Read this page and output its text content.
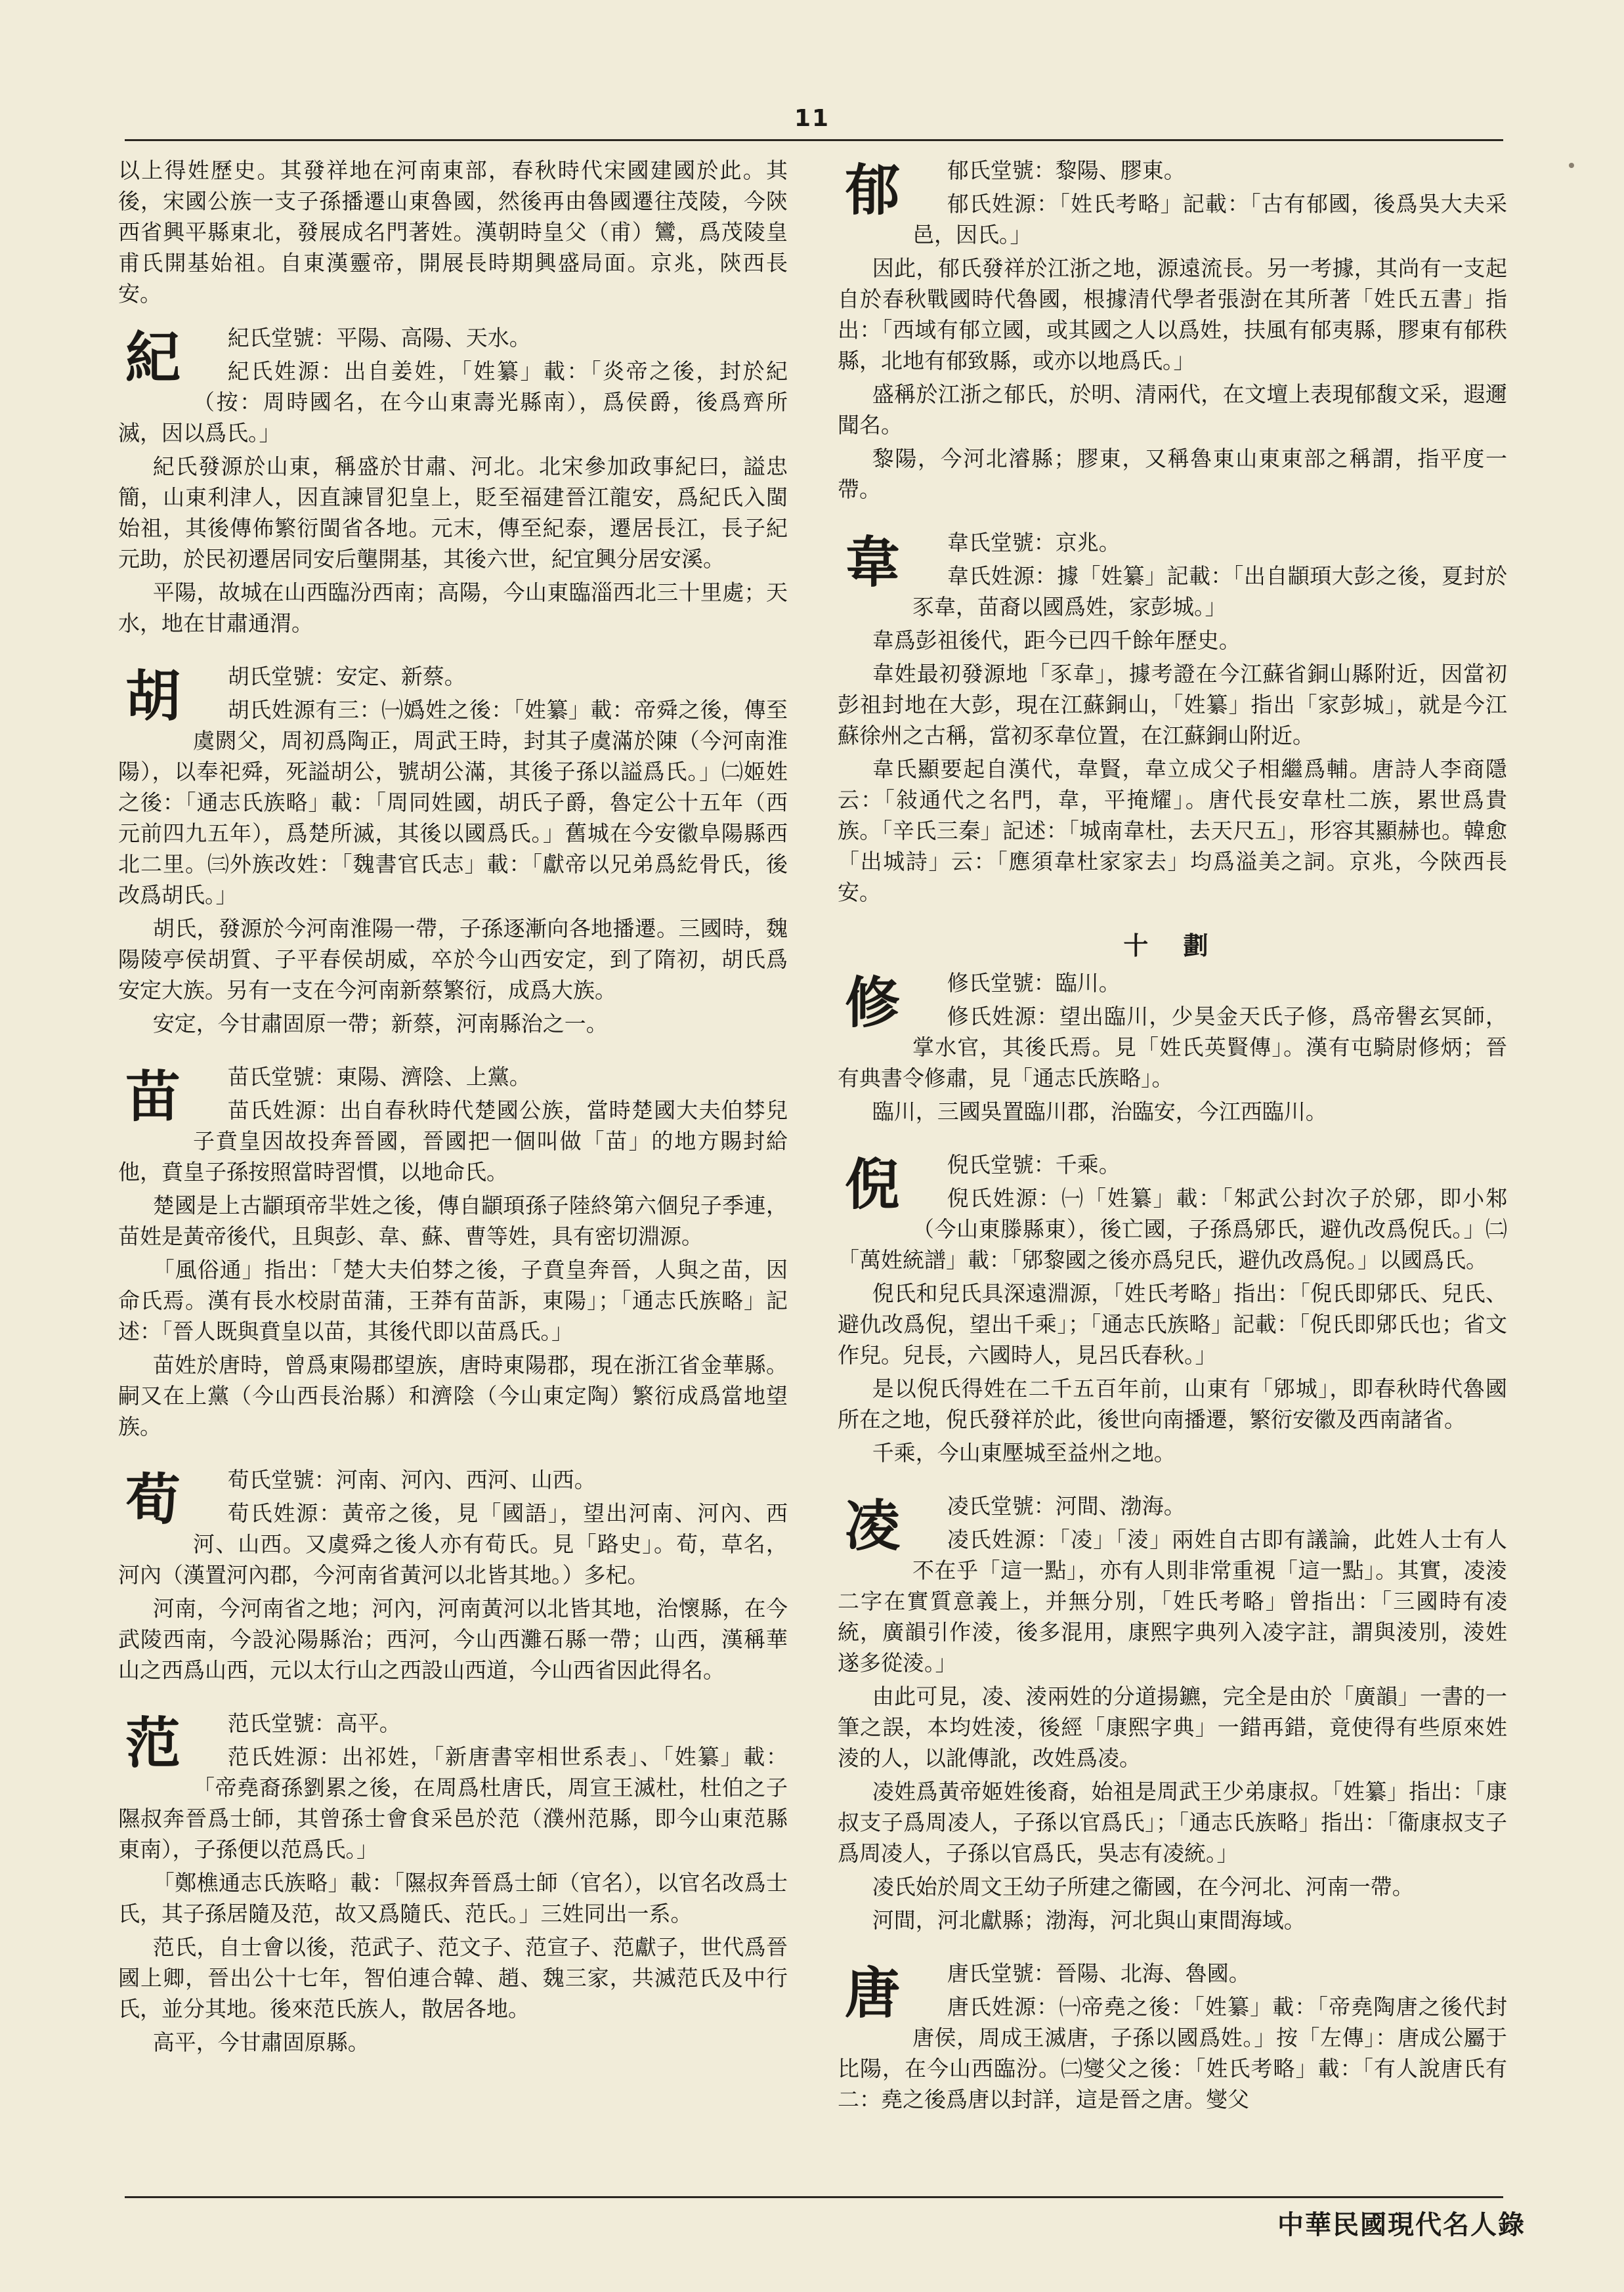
11
以上得姓歷史。其發祥地在河南東部，春秋時代宋國建國於此。其後，宋國公族一支子孫播遷山東魯國，然後再由魯國遷往茂陵，今陝西省興平縣東北，發展成名門著姓。漢朝時皇父（甫）鸞，爲茂陵皇甫氏開基始祖。自東漢靈帝，開展長時期興盛局面。京兆，陝西長安。
紀	紀氏堂號：平陽、高陽、天水。
紀氏姓源：出自姜姓，「姓纂」載：「炎帝之後，封於紀（按：周時國名，在今山東壽光縣南），爲侯爵，後爲齊所滅，因以爲氏。」
紀氏發源於山東，稱盛於甘肅、河北。北宋參加政事紀曰，謚忠簡，山東利津人，因直諫冒犯皇上，貶至福建晉江龍安，爲紀氏入閩始祖，其後傳佈繁衍閩省各地。元末，傳至紀泰，遷居長江，長子紀元助，於民初遷居同安后壟開基，其後六世，紀宜興分居安溪。
平陽，故城在山西臨汾西南；高陽，今山東臨淄西北三十里處；天水，地在甘肅通渭。
胡	胡氏堂號：安定、新蔡。
胡氏姓源有三：㈠嬀姓之後：「姓纂」載：帝舜之後，傳至虞閼父，周初爲陶正，周武王時，封其子虞滿於陳（今河南淮陽），以奉祀舜，死謚胡公，號胡公滿，其後子孫以謚爲氏。」㈡姬姓之後：「通志氏族略」載：「周同姓國，胡氏子爵，魯定公十五年（西元前四九五年），爲楚所滅，其後以國爲氏。」舊城在今安徽阜陽縣西北二里。㈢外族改姓：「魏書官氏志」載：「獻帝以兄弟爲紇骨氏，後改爲胡氏。」
胡氏，發源於今河南淮陽一帶，子孫逐漸向各地播遷。三國時，魏陽陵亭侯胡質、子平春侯胡威，卒於今山西安定，到了隋初，胡氏爲安定大族。另有一支在今河南新蔡繁衍，成爲大族。
安定，今甘肅固原一帶；新蔡，河南縣治之一。
苗	苗氏堂號：東陽、濟陰、上黨。
苗氏姓源：出自春秋時代楚國公族，當時楚國大夫伯棼兒子賁皇因故投奔晉國，晉國把一個叫做「苗」的地方賜封給他，賁皇子孫按照當時習慣，以地命氏。
楚國是上古顓頊帝羋姓之後，傳自顓頊孫子陸終第六個兒子季連，苗姓是黃帝後代，且與彭、韋、蘇、曹等姓，具有密切淵源。
「風俗通」指出：「楚大夫伯棼之後，子賁皇奔晉，人與之苗，因命氏焉。漢有長水校尉苗蒲，王莽有苗訴，東陽」；「通志氏族略」記述：「晉人既與賁皇以苗，其後代即以苗爲氏。」
苗姓於唐時，曾爲東陽郡望族，唐時東陽郡，現在浙江省金華縣。嗣又在上黨（今山西長治縣）和濟陰（今山東定陶）繁衍成爲當地望族。
荀	荀氏堂號：河南、河內、西河、山西。
荀氏姓源：黃帝之後，見「國語」，望出河南、河內、西河、山西。又虞舜之後人亦有荀氏。見「路史」。荀，草名，河內（漢置河內郡，今河南省黃河以北皆其地。）多杞。
河南，今河南省之地；河內，河南黃河以北皆其地，治懷縣，在今武陵西南，今設沁陽縣治；西河，今山西灘石縣一帶；山西，漢稱華山之西爲山西，元以太行山之西設山西道，今山西省因此得名。
范	范氏堂號：高平。
范氏姓源：出祁姓，「新唐書宰相世系表」、「姓纂」載：「帝堯裔孫劉累之後，在周爲杜唐氏，周宣王滅杜，杜伯之子隰叔奔晉爲士師，其曾孫士會食采邑於范（濮州范縣，即今山東范縣東南），子孫便以范爲氏。」
「鄭樵通志氏族略」載：「隰叔奔晉爲士師（官名），以官名改爲士氏，其子孫居隨及范，故又爲隨氏、范氏。」三姓同出一系。
范氏，自士會以後，范武子、范文子、范宣子、范獻子，世代爲晉國上卿，晉出公十七年，智伯連合韓、趙、魏三家，共滅范氏及中行氏，並分其地。後來范氏族人，散居各地。
高平，今甘肅固原縣。
郁	郁氏堂號：黎陽、膠東。
郁氏姓源：「姓氏考略」記載：「古有郁國，後爲吳大夫采邑，因氏。」
因此，郁氏發祥於江浙之地，源遠流長。另一考據，其尚有一支起自於春秋戰國時代魯國，根據清代學者張澍在其所著「姓氏五書」指出：「西域有郁立國，或其國之人以爲姓，扶風有郁夷縣，膠東有郁秩縣，北地有郁致縣，或亦以地爲氏。」
盛稱於江浙之郁氏，於明、清兩代，在文壇上表現郁馥文采，遐邇聞名。
黎陽，今河北濬縣；膠東，又稱魯東山東東部之稱謂，指平度一帶。
韋	韋氏堂號：京兆。
韋氏姓源：據「姓纂」記載：「出自顓頊大彭之後，夏封於豕韋，苗裔以國爲姓，家彭城。」
韋爲彭祖後代，距今已四千餘年歷史。
韋姓最初發源地「豕韋」，據考證在今江蘇省銅山縣附近，因當初彭祖封地在大彭，現在江蘇銅山，「姓纂」指出「家彭城」，就是今江蘇徐州之古稱，當初豕韋位置，在江蘇銅山附近。
韋氏顯要起自漢代，韋賢，韋立成父子相繼爲輔。唐詩人李商隱云：「敍通代之名門，韋，平掩耀」。唐代長安韋杜二族，累世爲貴族。「辛氏三秦」記述：「城南韋杜，去天尺五」，形容其顯赫也。韓愈「出城詩」云：「應須韋杜家家去」均爲溢美之詞。京兆，今陝西長安。
十 劃
修	修氏堂號：臨川。
修氏姓源：望出臨川，少昊金天氏子修，爲帝嚳玄冥師，掌水官，其後氏焉。見「姓氏英賢傳」。漢有屯騎尉修炳；晉有典書令修肅，見「通志氏族略」。
臨川，三國吳置臨川郡，治臨安，今江西臨川。
倪	倪氏堂號：千乘。
倪氏姓源：㈠「姓纂」載：「邾武公封次子於郳，即小邾（今山東滕縣東），後亡國，子孫爲郳氏，避仇改爲倪氏。」㈡「萬姓統譜」載：「郳黎國之後亦爲兒氏，避仇改爲倪。」以國爲氏。
倪氏和兒氏具深遠淵源，「姓氏考略」指出：「倪氏即郳氏、兒氏、避仇改爲倪，望出千乘」；「通志氏族略」記載：「倪氏即郳氏也；省文作兒。兒長，六國時人，見呂氏春秋。」
是以倪氏得姓在二千五百年前，山東有「郳城」，即春秋時代魯國所在之地，倪氏發祥於此，後世向南播遷，繁衍安徽及西南諸省。
千乘，今山東壓城至益州之地。
凌	凌氏堂號：河間、渤海。
凌氏姓源：「凌」「淩」兩姓自古即有議論，此姓人士有人不在乎「這一點」，亦有人則非常重視「這一點」。其實，凌淩二字在實質意義上，并無分別，「姓氏考略」曾指出：「三國時有凌統，廣韻引作淩，後多混用，康熙字典列入凌字註，謂與淩別，淩姓遂多從淩。」
由此可見，凌、淩兩姓的分道揚鑣，完全是由於「廣韻」一書的一筆之誤，本均姓淩，後經「康熙字典」一錯再錯，竟使得有些原來姓淩的人，以訛傳訛，改姓爲凌。
凌姓爲黃帝姬姓後裔，始祖是周武王少弟康叔。「姓纂」指出：「康叔支子爲周凌人，子孫以官爲氏」；「通志氏族略」指出：「衞康叔支子爲周凌人，子孫以官爲氏，吳志有凌統。」
凌氏始於周文王幼子所建之衞國，在今河北、河南一帶。
河間，河北獻縣；渤海，河北與山東間海域。
唐	唐氏堂號：晉陽、北海、魯國。
唐氏姓源：㈠帝堯之後：「姓纂」載：「帝堯陶唐之後代封唐侯，周成王滅唐，子孫以國爲姓。」按「左傳」：唐成公屬于比陽，在今山西臨汾。㈡燮父之後：「姓氏考略」載：「有人說唐氏有二：堯之後爲唐以封詳，這是晉之唐。燮父
中華民國現代名人錄
